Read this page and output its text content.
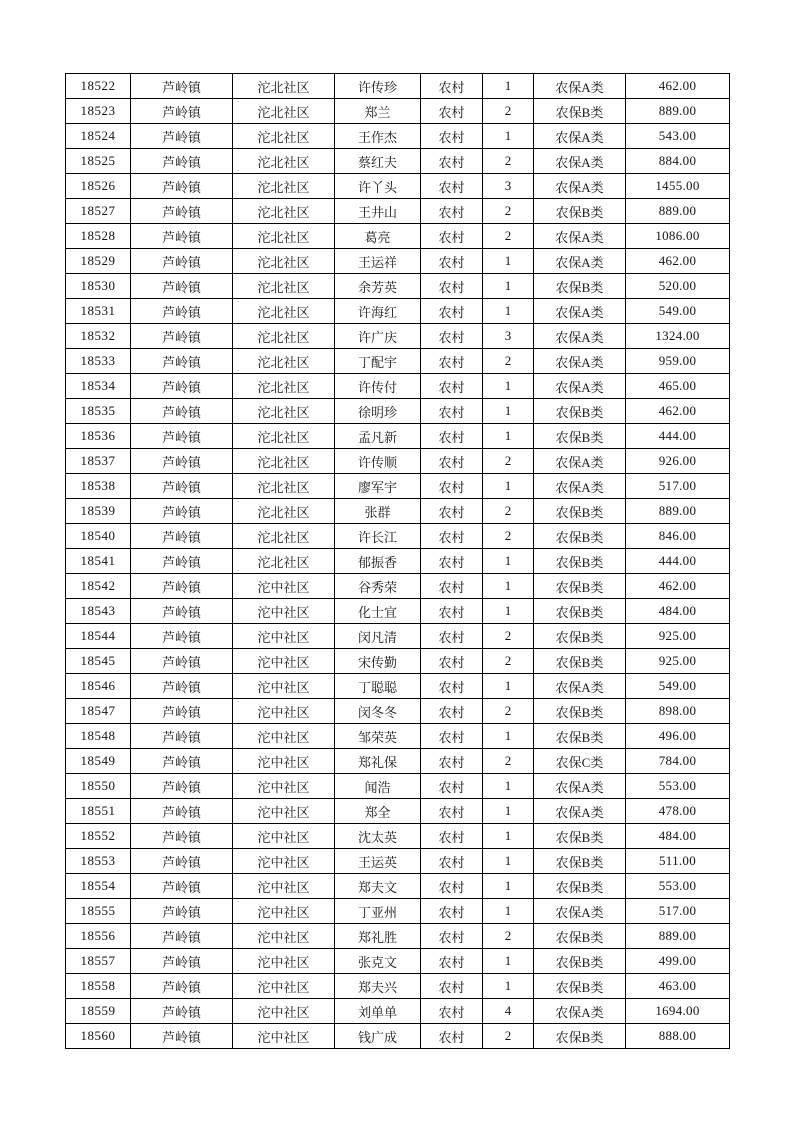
18522	芦岭镇	沱北社区	许传珍	农村	1	农保A类	462.00
18523	芦岭镇	沱北社区	郑兰	农村	2	农保B类	889.00
18524	芦岭镇	沱北社区	王作杰	农村	1	农保A类	543.00
18525	芦岭镇	沱北社区	蔡红夫	农村	2	农保A类	884.00
18526	芦岭镇	沱北社区	许丫头	农村	3	农保A类	1455.00
18527	芦岭镇	沱北社区	王井山	农村	2	农保B类	889.00
18528	芦岭镇	沱北社区	葛亮	农村	2	农保A类	1086.00
18529	芦岭镇	沱北社区	王运祥	农村	1	农保A类	462.00
18530	芦岭镇	沱北社区	余芳英	农村	1	农保B类	520.00
18531	芦岭镇	沱北社区	许海红	农村	1	农保A类	549.00
18532	芦岭镇	沱北社区	许广庆	农村	3	农保A类	1324.00
18533	芦岭镇	沱北社区	丁配宇	农村	2	农保A类	959.00
18534	芦岭镇	沱北社区	许传付	农村	1	农保A类	465.00
18535	芦岭镇	沱北社区	徐明珍	农村	1	农保B类	462.00
18536	芦岭镇	沱北社区	孟凡新	农村	1	农保B类	444.00
18537	芦岭镇	沱北社区	许传顺	农村	2	农保A类	926.00
18538	芦岭镇	沱北社区	廖军宇	农村	1	农保A类	517.00
18539	芦岭镇	沱北社区	张群	农村	2	农保B类	889.00
18540	芦岭镇	沱北社区	许长江	农村	2	农保B类	846.00
18541	芦岭镇	沱北社区	郁振香	农村	1	农保B类	444.00
18542	芦岭镇	沱中社区	谷秀荣	农村	1	农保B类	462.00
18543	芦岭镇	沱中社区	化士宜	农村	1	农保B类	484.00
18544	芦岭镇	沱中社区	闵凡清	农村	2	农保B类	925.00
18545	芦岭镇	沱中社区	宋传勤	农村	2	农保B类	925.00
18546	芦岭镇	沱中社区	丁聪聪	农村	1	农保A类	549.00
18547	芦岭镇	沱中社区	闵冬冬	农村	2	农保B类	898.00
18548	芦岭镇	沱中社区	邹荣英	农村	1	农保B类	496.00
18549	芦岭镇	沱中社区	郑礼保	农村	2	农保C类	784.00
18550	芦岭镇	沱中社区	闻浩	农村	1	农保A类	553.00
18551	芦岭镇	沱中社区	郑全	农村	1	农保A类	478.00
18552	芦岭镇	沱中社区	沈太英	农村	1	农保B类	484.00
18553	芦岭镇	沱中社区	王运英	农村	1	农保B类	511.00
18554	芦岭镇	沱中社区	郑夫文	农村	1	农保B类	553.00
18555	芦岭镇	沱中社区	丁亚州	农村	1	农保A类	517.00
18556	芦岭镇	沱中社区	郑礼胜	农村	2	农保B类	889.00
18557	芦岭镇	沱中社区	张克文	农村	1	农保B类	499.00
18558	芦岭镇	沱中社区	郑夫兴	农村	1	农保B类	463.00
18559	芦岭镇	沱中社区	刘单单	农村	4	农保A类	1694.00
18560	芦岭镇	沱中社区	钱广成	农村	2	农保B类	888.00
